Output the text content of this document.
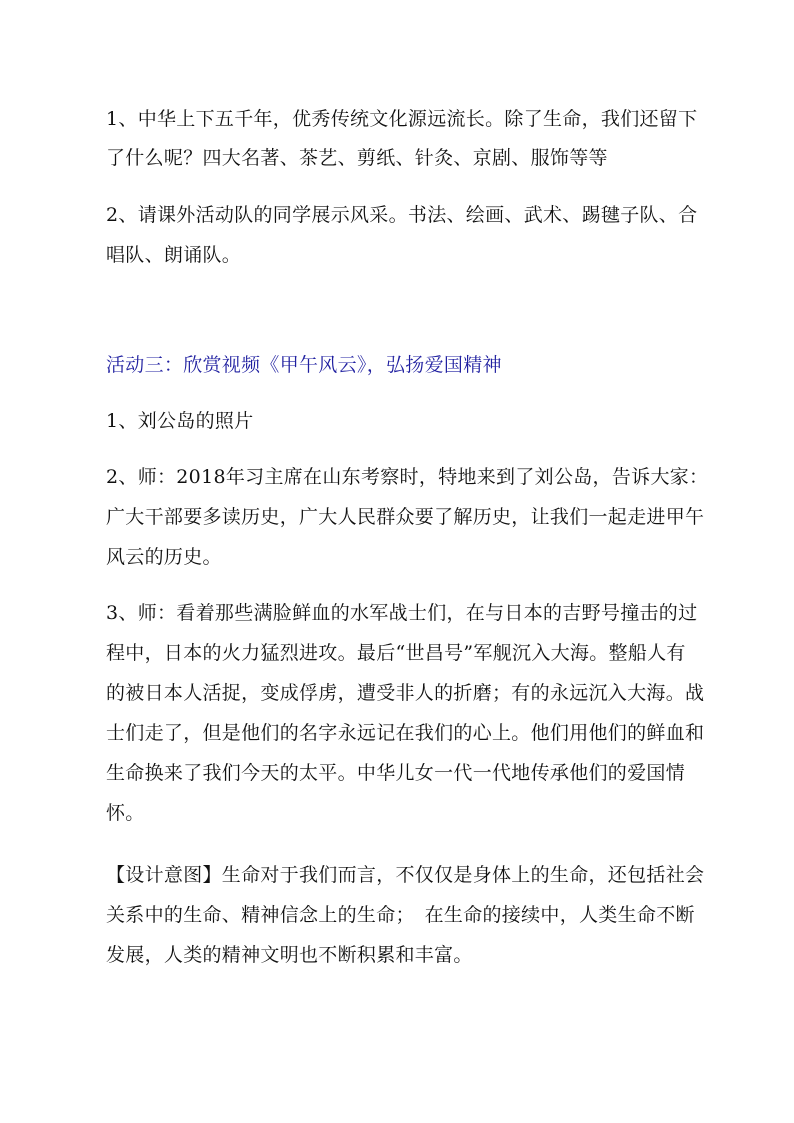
1、中华上下五千年，优秀传统文化源远流长。除了生命，我们还留下
了什么呢？四大名著、茶艺、剪纸、针灸、京剧、服饰等等
2、请课外活动队的同学展示风采。书法、绘画、武术、踢毽子队、合
唱队、朗诵队。
活动三：欣赏视频《甲午风云》，弘扬爱国精神
1、刘公岛的照片
2、师：2018年习主席在山东考察时，特地来到了刘公岛，告诉大家：
广大干部要多读历史，广大人民群众要了解历史，让我们一起走进甲午
风云的历史。
3、师：看着那些满脸鲜血的水军战士们，在与日本的吉野号撞击的过
程中，日本的火力猛烈进攻。最后“世昌号”军舰沉入大海。整船人有
的被日本人活捉，变成俘虏，遭受非人的折磨；有的永远沉入大海。战
士们走了，但是他们的名字永远记在我们的心上。他们用他们的鲜血和
生命换来了我们今天的太平。中华儿女一代一代地传承他们的爱国情
怀。
【设计意图】生命对于我们而言，不仅仅是身体上的生命，还包括社会
关系中的生命、精神信念上的生命；　在生命的接续中，人类生命不断
发展，人类的精神文明也不断积累和丰富。
